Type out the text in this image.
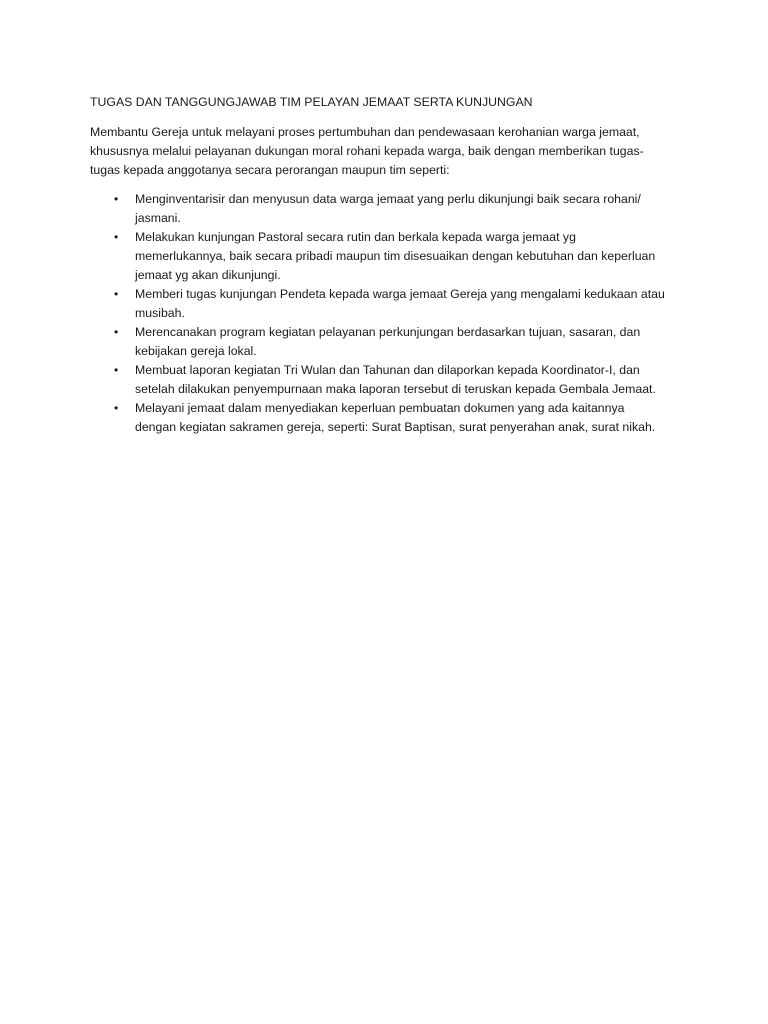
TUGAS DAN TANGGUNGJAWAB TIM PELAYAN JEMAAT SERTA KUNJUNGAN

Membantu Gereja untuk melayani proses pertumbuhan dan pendewasaan kerohanian warga jemaat,
khususnya melalui pelayanan dukungan moral rohani kepada warga, baik dengan memberikan tugas-
tugas kepada anggotanya secara perorangan maupun tim seperti:

• Menginventarisir dan menyusun data warga jemaat yang perlu dikunjungi baik secara rohani/
jasmani.
• Melakukan kunjungan Pastoral secara rutin dan berkala kepada warga jemaat yg
memerlukannya, baik secara pribadi maupun tim disesuaikan dengan kebutuhan dan keperluan
jemaat yg akan dikunjungi.
• Memberi tugas kunjungan Pendeta kepada warga jemaat Gereja yang mengalami kedukaan atau
musibah.
• Merencanakan program kegiatan pelayanan perkunjungan berdasarkan tujuan, sasaran, dan
kebijakan gereja lokal.
• Membuat laporan kegiatan Tri Wulan dan Tahunan dan dilaporkan kepada Koordinator-I, dan
setelah dilakukan penyempurnaan maka laporan tersebut di teruskan kepada Gembala Jemaat.
• Melayani jemaat dalam menyediakan keperluan pembuatan dokumen yang ada kaitannya
dengan kegiatan sakramen gereja, seperti: Surat Baptisan, surat penyerahan anak, surat nikah.
